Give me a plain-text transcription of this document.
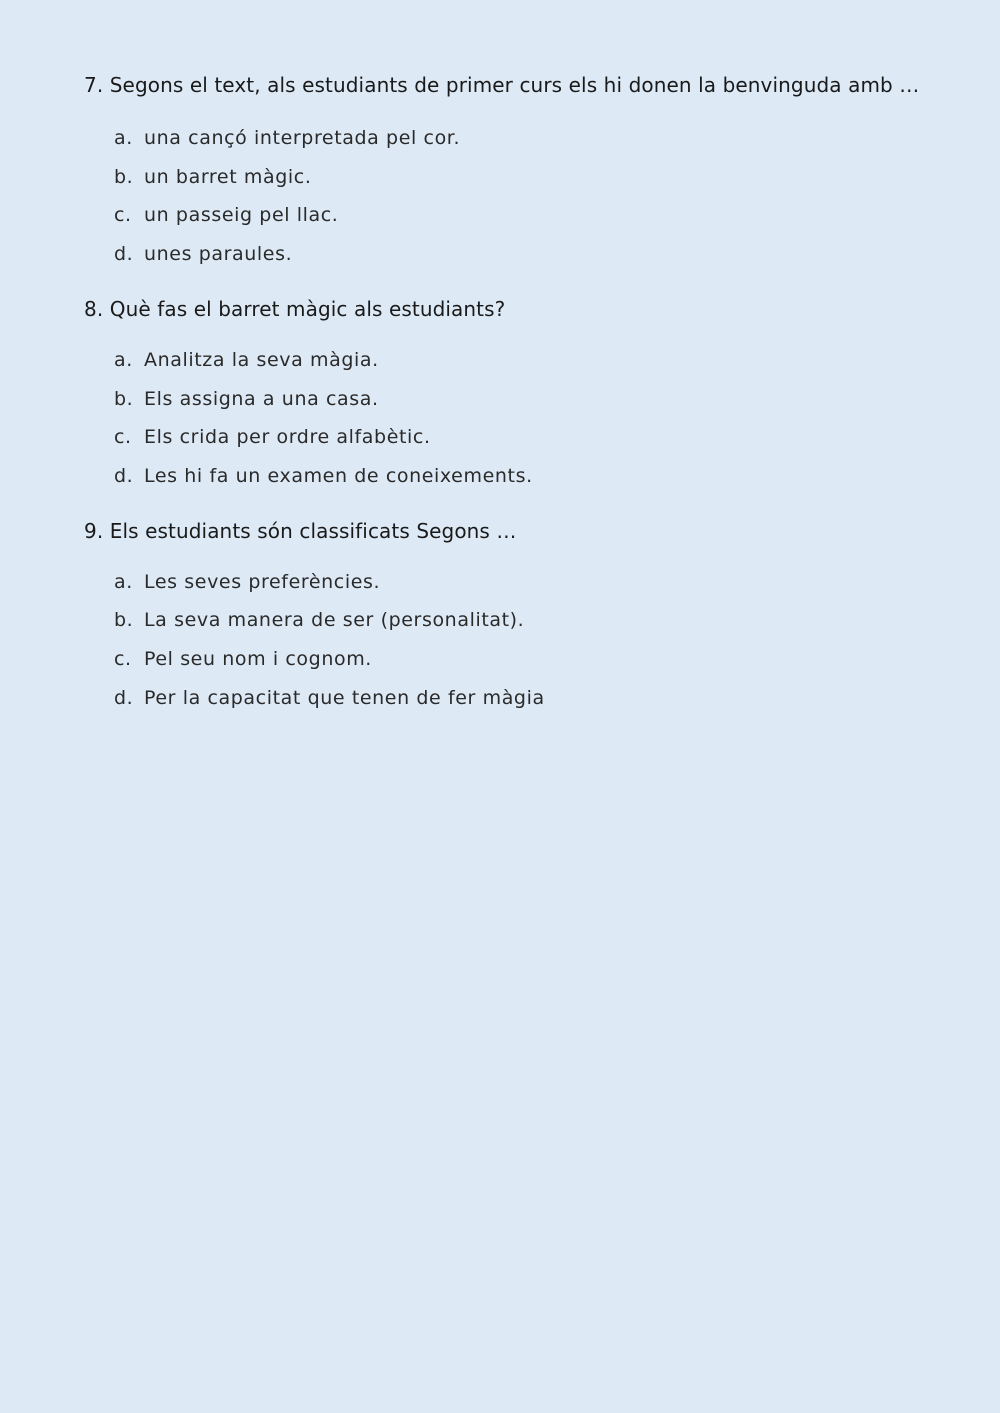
7. Segons el text, als estudiants de primer curs els hi donen la benvinguda amb …

a. una cançó interpretada pel cor.
b. un barret màgic.
c. un passeig pel llac.
d. unes paraules.

8. Què fas el barret màgic als estudiants?

a. Analitza la seva màgia.
b. Els assigna a una casa.
c. Els crida per ordre alfabètic.
d. Les hi fa un examen de coneixements.

9. Els estudiants són classificats Segons …

a. Les seves preferències.
b. La seva manera de ser (personalitat).
c. Pel seu nom i cognom.
d. Per la capacitat que tenen de fer màgia
